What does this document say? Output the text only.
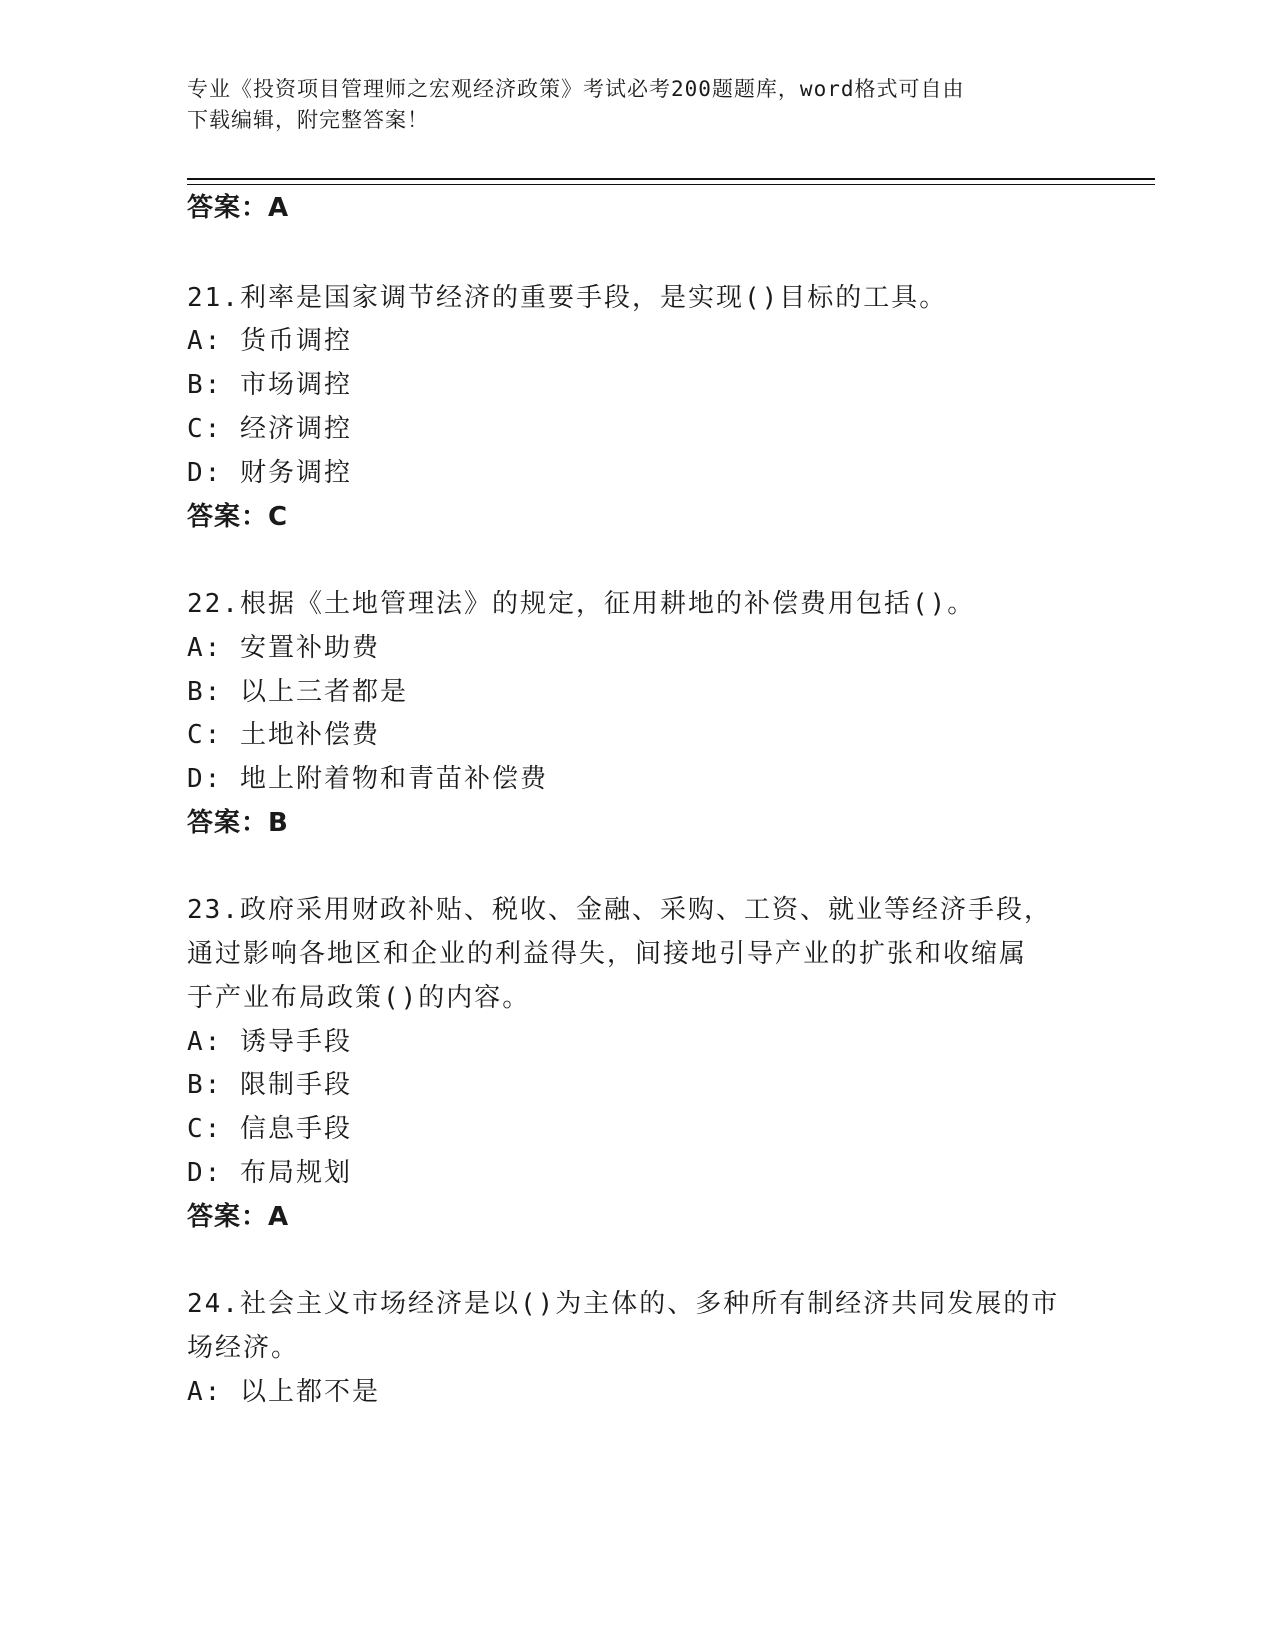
专业《投资项目管理师之宏观经济政策》考试必考200题题库，word格式可自由
下载编辑，附完整答案！
答案：A
21.利率是国家调节经济的重要手段，是实现()目标的工具。
A: 货币调控
B: 市场调控
C: 经济调控
D: 财务调控
答案：C
22.根据《土地管理法》的规定，征用耕地的补偿费用包括()。
A: 安置补助费
B: 以上三者都是
C: 土地补偿费
D: 地上附着物和青苗补偿费
答案：B
23.政府采用财政补贴、税收、金融、采购、工资、就业等经济手段，
通过影响各地区和企业的利益得失，间接地引导产业的扩张和收缩属
于产业布局政策()的内容。
A: 诱导手段
B: 限制手段
C: 信息手段
D: 布局规划
答案：A
24.社会主义市场经济是以()为主体的、多种所有制经济共同发展的市
场经济。
A: 以上都不是
